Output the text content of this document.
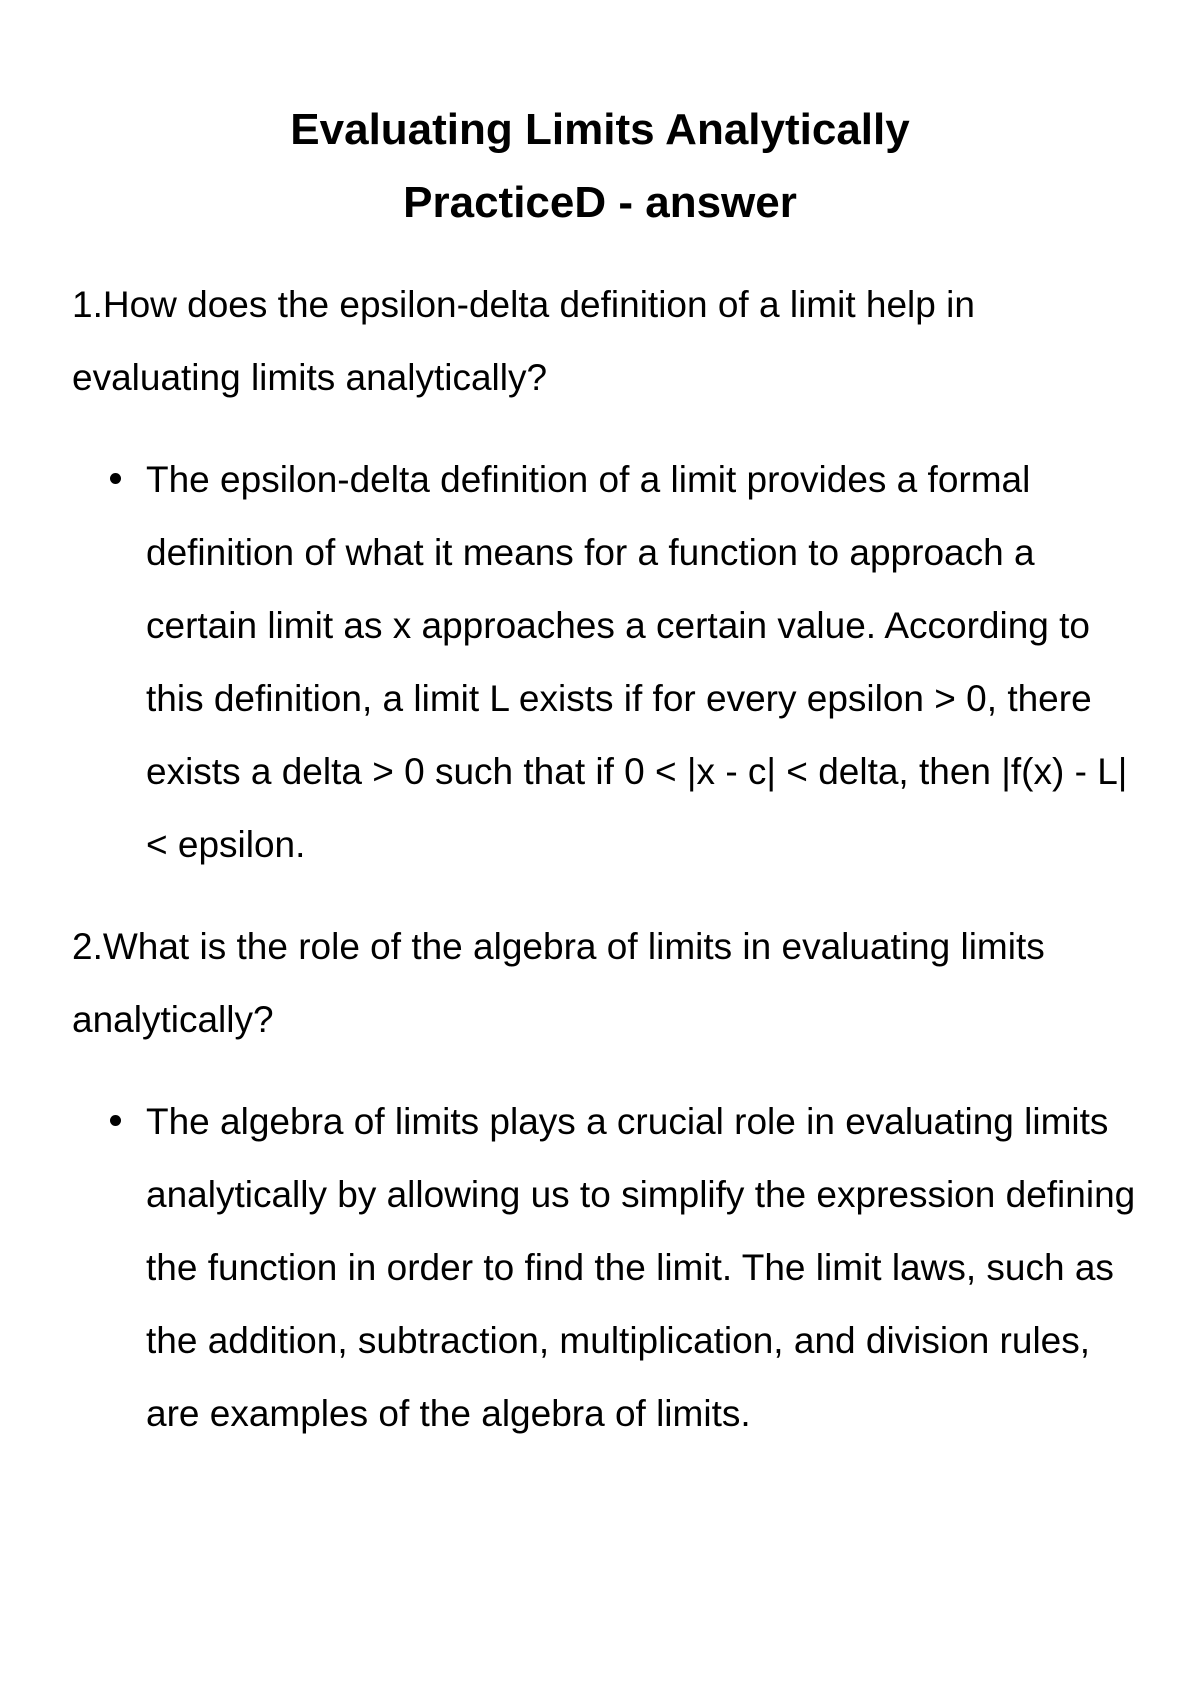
Evaluating Limits Analytically
PracticeD - answer

1.How does the epsilon-delta definition of a limit help in evaluating limits analytically?

The epsilon-delta definition of a limit provides a formal definition of what it means for a function to approach a certain limit as x approaches a certain value. According to this definition, a limit L exists if for every epsilon > 0, there exists a delta > 0 such that if 0 < |x - c| < delta, then |f(x) - L| < epsilon.

2.What is the role of the algebra of limits in evaluating limits analytically?

The algebra of limits plays a crucial role in evaluating limits analytically by allowing us to simplify the expression defining the function in order to find the limit. The limit laws, such as the addition, subtraction, multiplication, and division rules, are examples of the algebra of limits.
